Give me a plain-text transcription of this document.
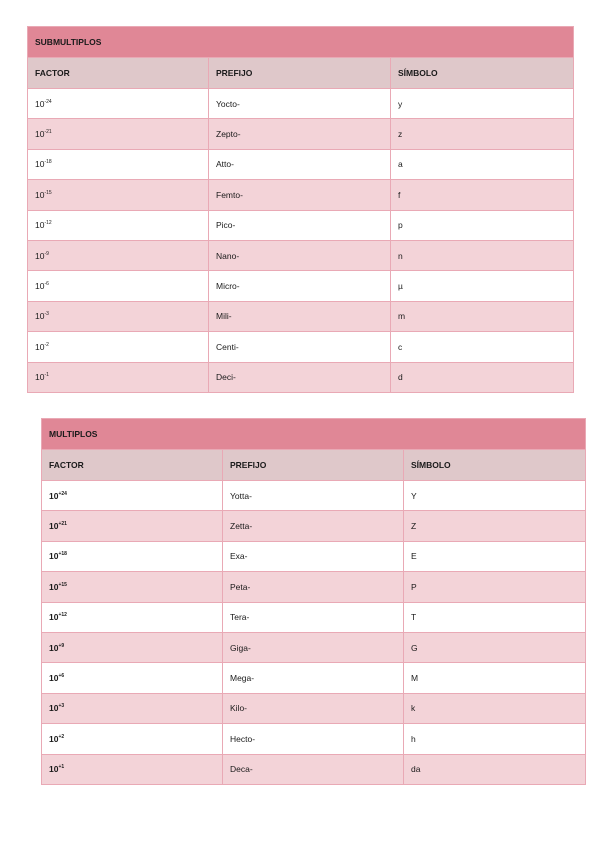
SUBMULTIPLOS		
FACTOR	PREFIJO	SÍMBOLO
$10^{-24}$	Yocto-	y
$10^{-21}$	Zepto-	z
$10^{-18}$	Atto-	a
$10^{-15}$	Femto-	f
$10^{-12}$	Pico-	p
$10^{-9}$	Nano-	n
$10^{-6}$	Micro-	µ
$10^{-3}$	Mili-	m
$10^{-2}$	Centi-	c
$10^{-1}$	Deci-	d
MULTIPLOS		
FACTOR	PREFIJO	SÍMBOLO
$10^{+24}$	Yotta-	Y
$10^{+21}$	Zetta-	Z
$10^{+18}$	Exa-	E
$10^{+15}$	Peta-	P
$10^{+12}$	Tera-	T
$10^{+9}$	Giga-	G
$10^{+6}$	Mega-	M
$10^{+3}$	Kilo-	k
$10^{+2}$	Hecto-	h
$10^{+1}$	Deca-	da
